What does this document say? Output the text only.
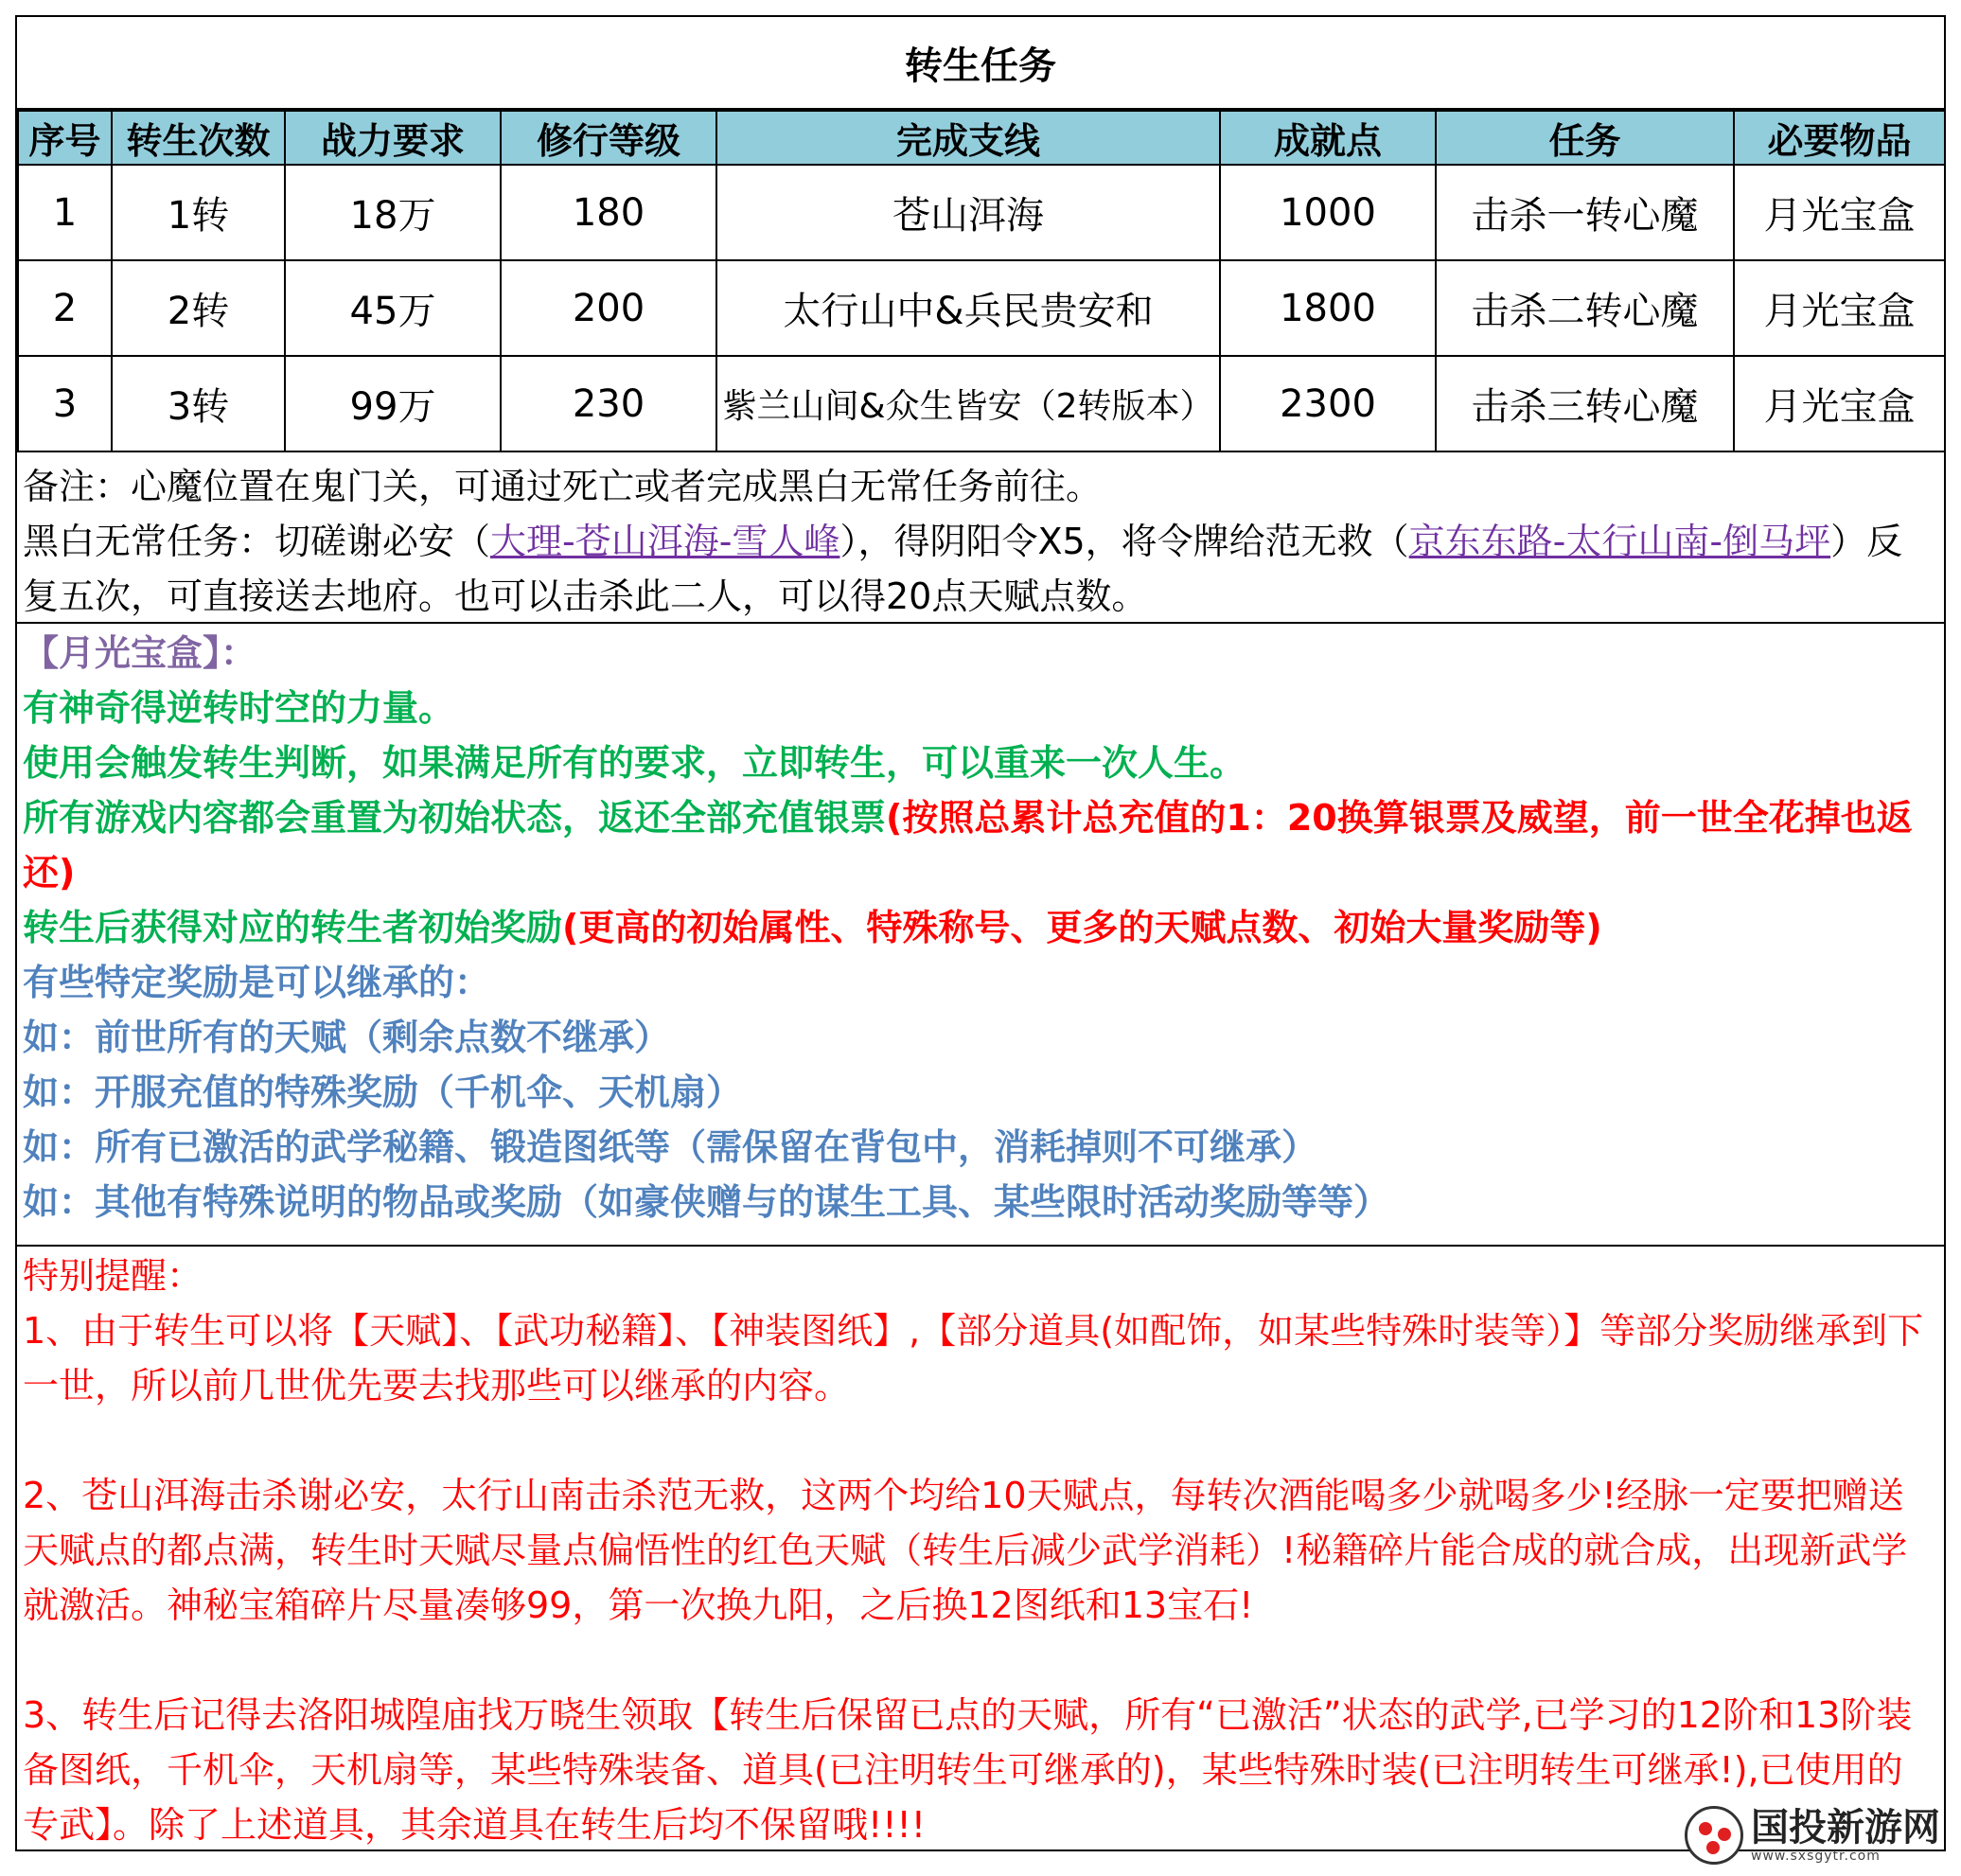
转生任务
序号	转生次数	战力要求	修行等级	完成支线	成就点	任务	必要物品
1	1转	18万	180	苍山洱海	1000	击杀一转心魔	月光宝盒
2	2转	45万	200	太行山中&兵民贵安和	1800	击杀二转心魔	月光宝盒
3	3转	99万	230	紫兰山间&众生皆安（2转版本）	2300	击杀三转心魔	月光宝盒

备注：心魔位置在鬼门关，可通过死亡或者完成黑白无常任务前往。

黑白无常任务：切磋谢必安（大理-苍山洱海-雪人峰），得阴阳令X5，将令牌给范无救（京东东路-太行山南-倒马坪）反复五次，可直接送去地府。也可以击杀此二人，可以得20点天赋点数。

【月光宝盒】：

有神奇得逆转时空的力量。

使用会触发转生判断，如果满足所有的要求，立即转生，可以重来一次人生。

所有游戏内容都会重置为初始状态，返还全部充值银票(按照总累计总充值的1：20换算银票及威望，前一世全花掉也返还)

转生后获得对应的转生者初始奖励(更高的初始属性、特殊称号、更多的天赋点数、初始大量奖励等)

有些特定奖励是可以继承的：

如：前世所有的天赋（剩余点数不继承）

如：开服充值的特殊奖励（千机伞、天机扇）

如：所有已激活的武学秘籍、锻造图纸等（需保留在背包中，消耗掉则不可继承）

如：其他有特殊说明的物品或奖励（如豪侠赠与的谋生工具、某些限时活动奖励等等）

特别提醒：

1、由于转生可以将【天赋】、【武功秘籍】、【神装图纸】,【部分道具(如配饰，如某些特殊时装等）】等部分奖励继承到下一世，所以前几世优先要去找那些可以继承的内容。

2、苍山洱海击杀谢必安，太行山南击杀范无救，这两个均给10天赋点，每转次酒能喝多少就喝多少!经脉一定要把赠送天赋点的都点满，转生时天赋尽量点偏悟性的红色天赋（转生后减少武学消耗）!秘籍碎片能合成的就合成，出现新武学就激活。神秘宝箱碎片尽量凑够99，第一次换九阳，之后换12图纸和13宝石!

3、转生后记得去洛阳城隍庙找万晓生领取【转生后保留已点的天赋，所有“已激活”状态的武学,已学习的12阶和13阶装备图纸，千机伞，天机扇等，某些特殊装备、道具(已注明转生可继承的)，某些特殊时装(已注明转生可继承!),已使用的专武】。除了上述道具，其余道具在转生后均不保留哦!!!!	国投新游网
www.sxsgytr.com
